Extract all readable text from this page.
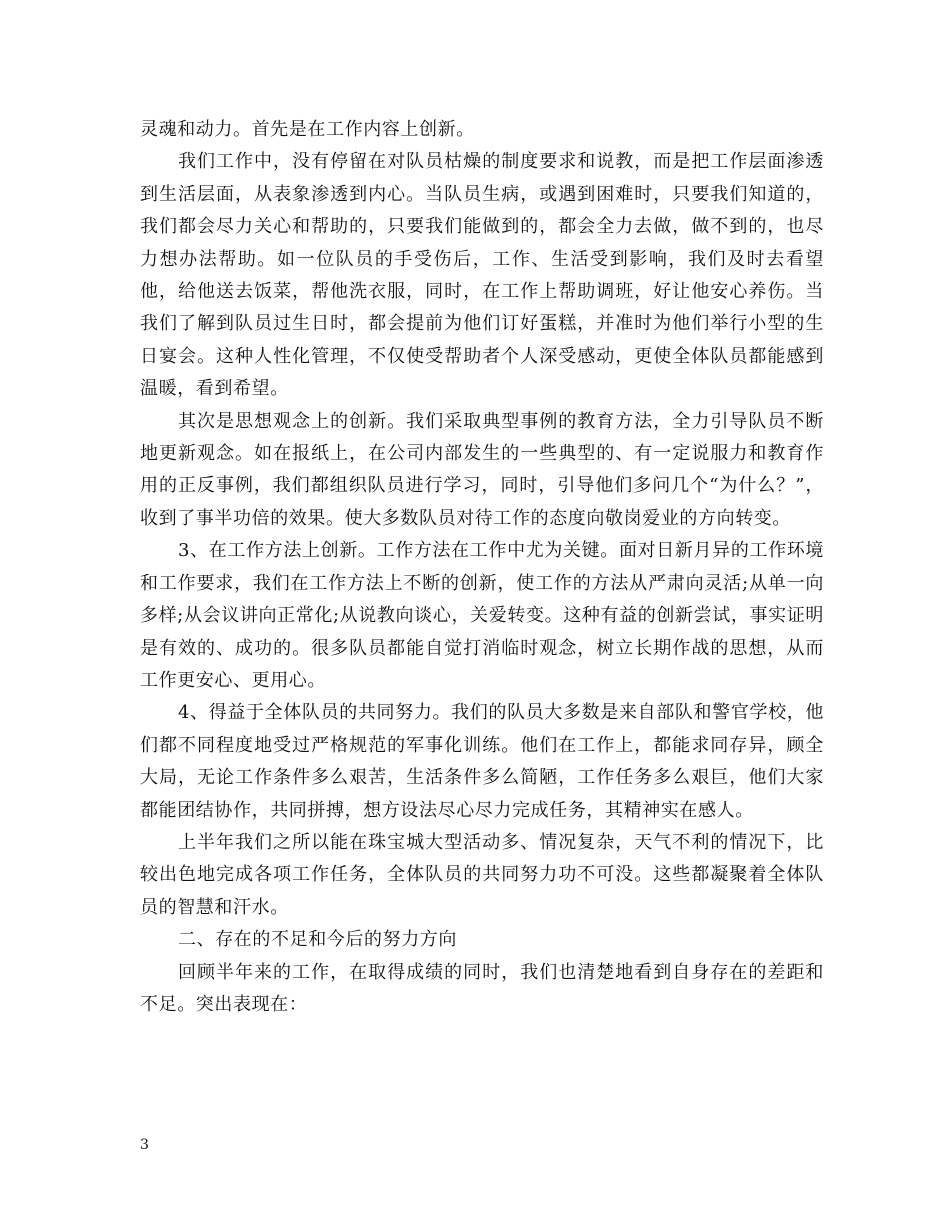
灵魂和动力。首先是在工作内容上创新。

我们工作中，没有停留在对队员枯燥的制度要求和说教，而是把工作层面渗透到生活层面，从表象渗透到内心。当队员生病，或遇到困难时，只要我们知道的，我们都会尽力关心和帮助的，只要我们能做到的，都会全力去做，做不到的，也尽力想办法帮助。如一位队员的手受伤后，工作、生活受到影响，我们及时去看望他，给他送去饭菜，帮他洗衣服，同时，在工作上帮助调班，好让他安心养伤。当我们了解到队员过生日时，都会提前为他们订好蛋糕，并准时为他们举行小型的生日宴会。这种人性化管理，不仅使受帮助者个人深受感动，更使全体队员都能感到温暖，看到希望。

其次是思想观念上的创新。我们采取典型事例的教育方法，全力引导队员不断地更新观念。如在报纸上，在公司内部发生的一些典型的、有一定说服力和教育作用的正反事例，我们都组织队员进行学习，同时，引导他们多问几个“为什么？”，收到了事半功倍的效果。使大多数队员对待工作的态度向敬岗爱业的方向转变。

3、在工作方法上创新。工作方法在工作中尤为关键。面对日新月异的工作环境和工作要求，我们在工作方法上不断的创新，使工作的方法从严肃向灵活;从单一向多样;从会议讲向正常化;从说教向谈心，关爱转变。这种有益的创新尝试，事实证明是有效的、成功的。很多队员都能自觉打消临时观念，树立长期作战的思想，从而工作更安心、更用心。

4、得益于全体队员的共同努力。我们的队员大多数是来自部队和警官学校，他们都不同程度地受过严格规范的军事化训练。他们在工作上，都能求同存异，顾全大局，无论工作条件多么艰苦，生活条件多么简陋，工作任务多么艰巨，他们大家都能团结协作，共同拼搏，想方设法尽心尽力完成任务，其精神实在感人。

上半年我们之所以能在珠宝城大型活动多、情况复杂，天气不利的情况下，比较出色地完成各项工作任务，全体队员的共同努力功不可没。这些都凝聚着全体队员的智慧和汗水。

二、存在的不足和今后的努力方向

回顾半年来的工作，在取得成绩的同时，我们也清楚地看到自身存在的差距和不足。突出表现在：

3
